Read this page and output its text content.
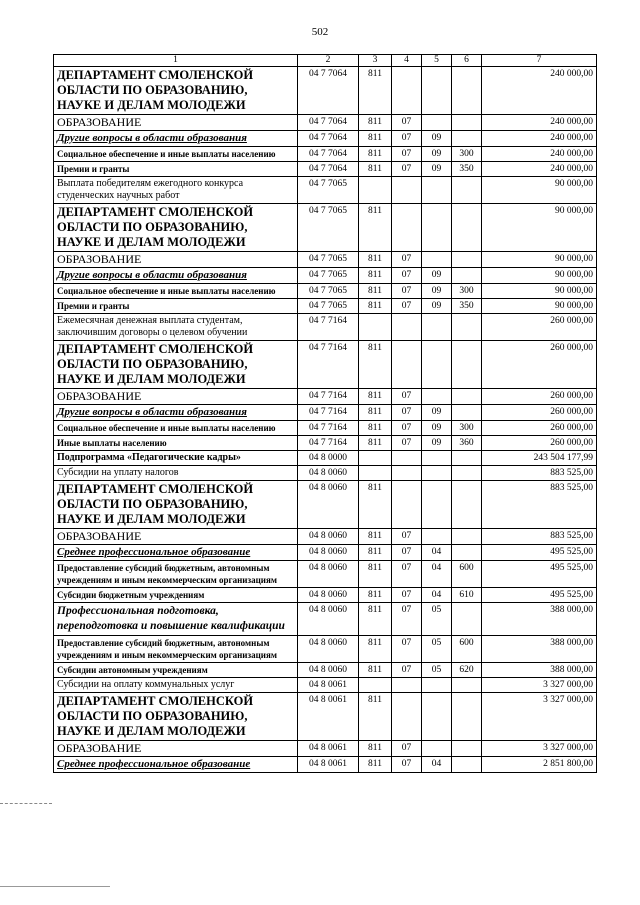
502
1	2	3	4	5	6	7
ДЕПАРТАМЕНТ СМОЛЕНСКОЙ ОБЛАСТИ ПО ОБРАЗОВАНИЮ, НАУКЕ И ДЕЛАМ МОЛОДЕЖИ	04 7 7064	811				240 000,00
ОБРАЗОВАНИЕ	04 7 7064	811	07			240 000,00
Другие вопросы в области образования	04 7 7064	811	07	09		240 000,00
Социальное обеспечение и иные выплаты населению	04 7 7064	811	07	09	300	240 000,00
Премии и гранты	04 7 7064	811	07	09	350	240 000,00
Выплата победителям ежегодного конкурса студенческих научных работ	04 7 7065					90 000,00
ДЕПАРТАМЕНТ СМОЛЕНСКОЙ ОБЛАСТИ ПО ОБРАЗОВАНИЮ, НАУКЕ И ДЕЛАМ МОЛОДЕЖИ	04 7 7065	811				90 000,00
ОБРАЗОВАНИЕ	04 7 7065	811	07			90 000,00
Другие вопросы в области образования	04 7 7065	811	07	09		90 000,00
Социальное обеспечение и иные выплаты населению	04 7 7065	811	07	09	300	90 000,00
Премии и гранты	04 7 7065	811	07	09	350	90 000,00
Ежемесячная денежная выплата студентам, заключившим договоры о целевом обучении	04 7 7164					260 000,00
ДЕПАРТАМЕНТ СМОЛЕНСКОЙ ОБЛАСТИ ПО ОБРАЗОВАНИЮ, НАУКЕ И ДЕЛАМ МОЛОДЕЖИ	04 7 7164	811				260 000,00
ОБРАЗОВАНИЕ	04 7 7164	811	07			260 000,00
Другие вопросы в области образования	04 7 7164	811	07	09		260 000,00
Социальное обеспечение и иные выплаты населению	04 7 7164	811	07	09	300	260 000,00
Иные выплаты населению	04 7 7164	811	07	09	360	260 000,00
Подпрограмма «Педагогические кадры»	04 8 0000					243 504 177,99
Субсидии на уплату налогов	04 8 0060					883 525,00
ДЕПАРТАМЕНТ СМОЛЕНСКОЙ ОБЛАСТИ ПО ОБРАЗОВАНИЮ, НАУКЕ И ДЕЛАМ МОЛОДЕЖИ	04 8 0060	811				883 525,00
ОБРАЗОВАНИЕ	04 8 0060	811	07			883 525,00
Среднее профессиональное образование	04 8 0060	811	07	04		495 525,00
Предоставление субсидий бюджетным, автономным учреждениям и иным некоммерческим организациям	04 8 0060	811	07	04	600	495 525,00
Субсидии бюджетным учреждениям	04 8 0060	811	07	04	610	495 525,00
Профессиональная подготовка, переподготовка и повышение квалификации	04 8 0060	811	07	05		388 000,00
Предоставление субсидий бюджетным, автономным учреждениям и иным некоммерческим организациям	04 8 0060	811	07	05	600	388 000,00
Субсидии автономным учреждениям	04 8 0060	811	07	05	620	388 000,00
Субсидии на оплату коммунальных услуг	04 8 0061					3 327 000,00
ДЕПАРТАМЕНТ СМОЛЕНСКОЙ ОБЛАСТИ ПО ОБРАЗОВАНИЮ, НАУКЕ И ДЕЛАМ МОЛОДЕЖИ	04 8 0061	811				3 327 000,00
ОБРАЗОВАНИЕ	04 8 0061	811	07			3 327 000,00
Среднее профессиональное образование	04 8 0061	811	07	04		2 851 800,00
